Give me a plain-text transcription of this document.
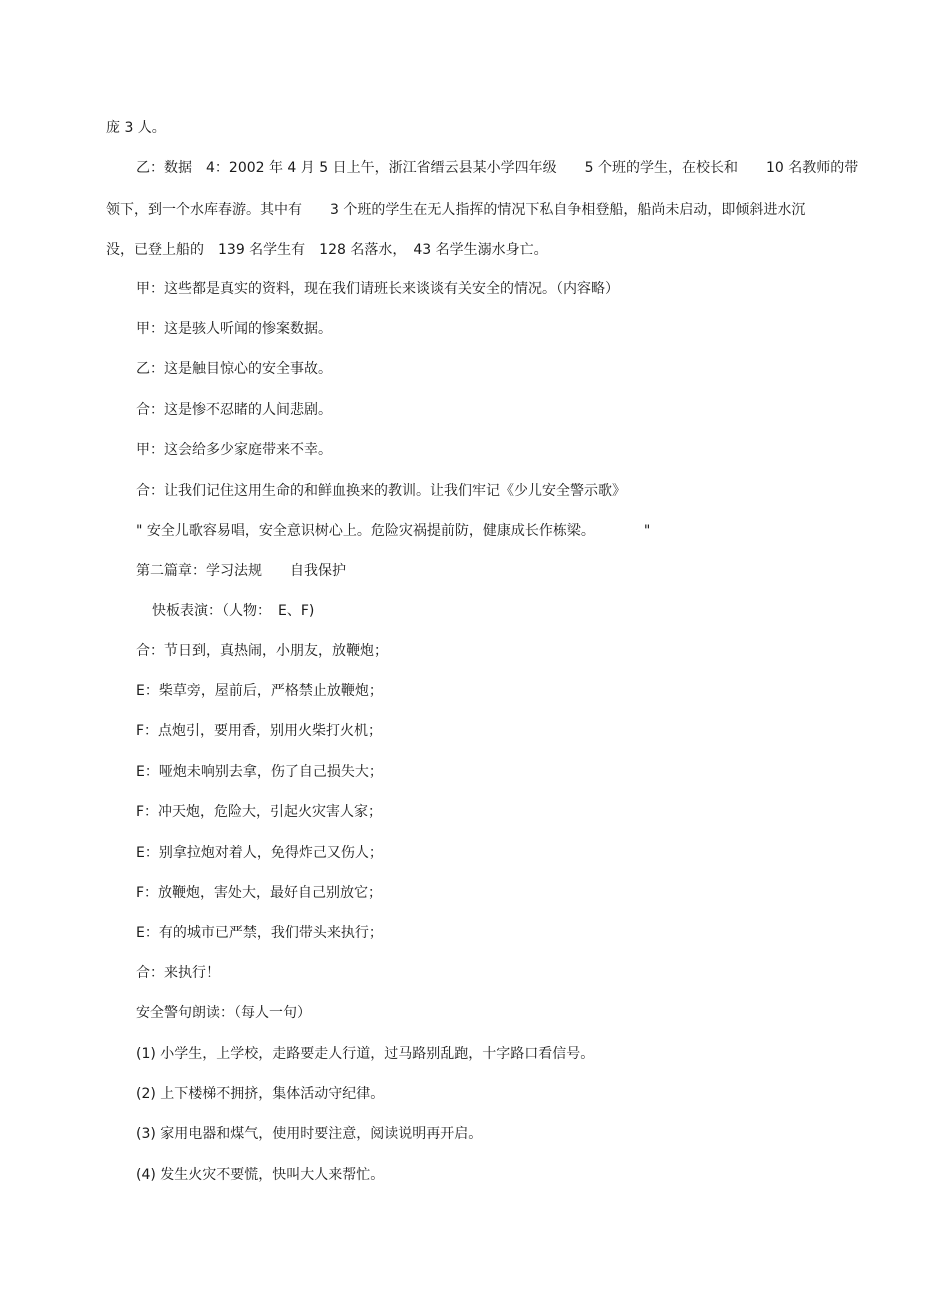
庞 3 人。
乙：数据　4：2002 年 4 月 5 日上午，浙江省缙云县某小学四年级　　5 个班的学生，在校长和　　10 名教师的带
领下，到一个水库春游。其中有　　3 个班的学生在无人指挥的情况下私自争相登船，船尚未启动，即倾斜进水沉
没，已登上船的　139 名学生有　128 名落水，　43 名学生溺水身亡。
甲：这些都是真实的资料，现在我们请班长来谈谈有关安全的情况。（内容略）
甲：这是骇人听闻的惨案数据。
乙：这是触目惊心的安全事故。
合：这是惨不忍睹的人间悲剧。
甲：这会给多少家庭带来不幸。
合：让我们记住这用生命的和鲜血换来的教训。让我们牢记《少儿安全警示歌》
" 安全儿歌容易唱，安全意识树心上。危险灾祸提前防，健康成长作栋梁。　　　　"
第二篇章：学习法规　　自我保护
快板表演：（人物：　E、F)
合：节日到，真热闹，小朋友，放鞭炮；
E：柴草旁，屋前后，严格禁止放鞭炮；
F：点炮引，要用香，别用火柴打火机；
E：哑炮未响别去拿，伤了自己损失大；
F：冲天炮，危险大，引起火灾害人家；
E：别拿拉炮对着人，免得炸己又伤人；
F：放鞭炮，害处大，最好自己别放它；
E：有的城市已严禁，我们带头来执行；
合：来执行！
安全警句朗读：（每人一句）
(1) 小学生，上学校，走路要走人行道，过马路别乱跑，十字路口看信号。
(2) 上下楼梯不拥挤，集体活动守纪律。
(3) 家用电器和煤气，使用时要注意，阅读说明再开启。
(4) 发生火灾不要慌，快叫大人来帮忙。
